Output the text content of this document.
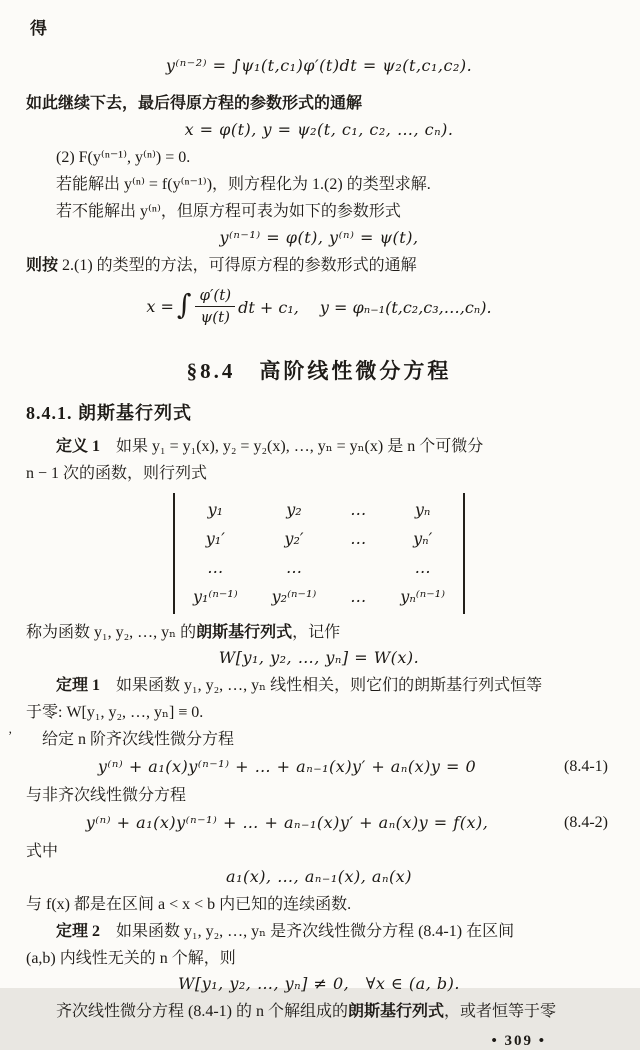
得
y⁽ⁿ⁻²⁾ = ∫ψ₁(t,c₁)φ′(t)dt = ψ₂(t,c₁,c₂).

如此继续下去，最后得原方程的参数形式的通解

x = φ(t), y = ψ₂(t, c₁, c₂, …, cₙ).

(2) F(y⁽ⁿ⁻¹⁾, y⁽ⁿ⁾) = 0.

若能解出 y⁽ⁿ⁾ = f(y⁽ⁿ⁻¹⁾)，则方程化为 1.(2) 的类型求解.

若不能解出 y⁽ⁿ⁾，但原方程可表为如下的参数形式

y⁽ⁿ⁻¹⁾ = φ(t), y⁽ⁿ⁾ = ψ(t),

则按 2.(1) 的类型的方法，可得原方程的参数形式的通解

x = ∫ $\frac{\varphi'(t)}{\psi(t)}$ dt + c₁,　 y = φₙ₋₁(t,c₂,c₃,…,cₙ).
§8.4　高阶线性微分方程
8.4.1. 朗斯基行列式

定义 1　如果 y₁ = y₁(x), y₂ = y₂(x), …, yₙ = yₙ(x) 是 n 个可微分

n − 1 次的函数，则行列式

y₁	y₂	…	yₙ
y₁′	y₂′	…	yₙ′
…	…	…
y₁⁽ⁿ⁻¹⁾ y₂⁽ⁿ⁻¹⁾ … yₙ⁽ⁿ⁻¹⁾

称为函数 y₁, y₂, …, yₙ 的朗斯基行列式，记作

W[y₁, y₂, …, yₙ] = W(x).

定理 1　如果函数 y₁, y₂, …, yₙ 线性相关，则它们的朗斯基行列式恒等

于零: W[y₁, y₂, …, yₙ] ≡ 0.

’ 给定 n 阶齐次线性微分方程

y⁽ⁿ⁾ + a₁(x)y⁽ⁿ⁻¹⁾ + … + aₙ₋₁(x)y′ + aₙ(x)y = 0	(8.4-1)

与非齐次线性微分方程

y⁽ⁿ⁾ + a₁(x)y⁽ⁿ⁻¹⁾ + … + aₙ₋₁(x)y′ + aₙ(x)y = f(x),	(8.4-2)

式中

a₁(x), …, aₙ₋₁(x), aₙ(x)

与 f(x) 都是在区间 a < x < b 内已知的连续函数.

定理 2　如果函数 y₁, y₂, …, yₙ 是齐次线性微分方程 (8.4-1) 在区间

(a,b) 内线性无关的 n 个解，则

W[y₁, y₂, …, yₙ] ≠ 0,　∀x ∈ (a, b).

齐次线性微分方程 (8.4-1) 的 n 个解组成的朗斯基行列式，或者恒等于零

• 309 •
